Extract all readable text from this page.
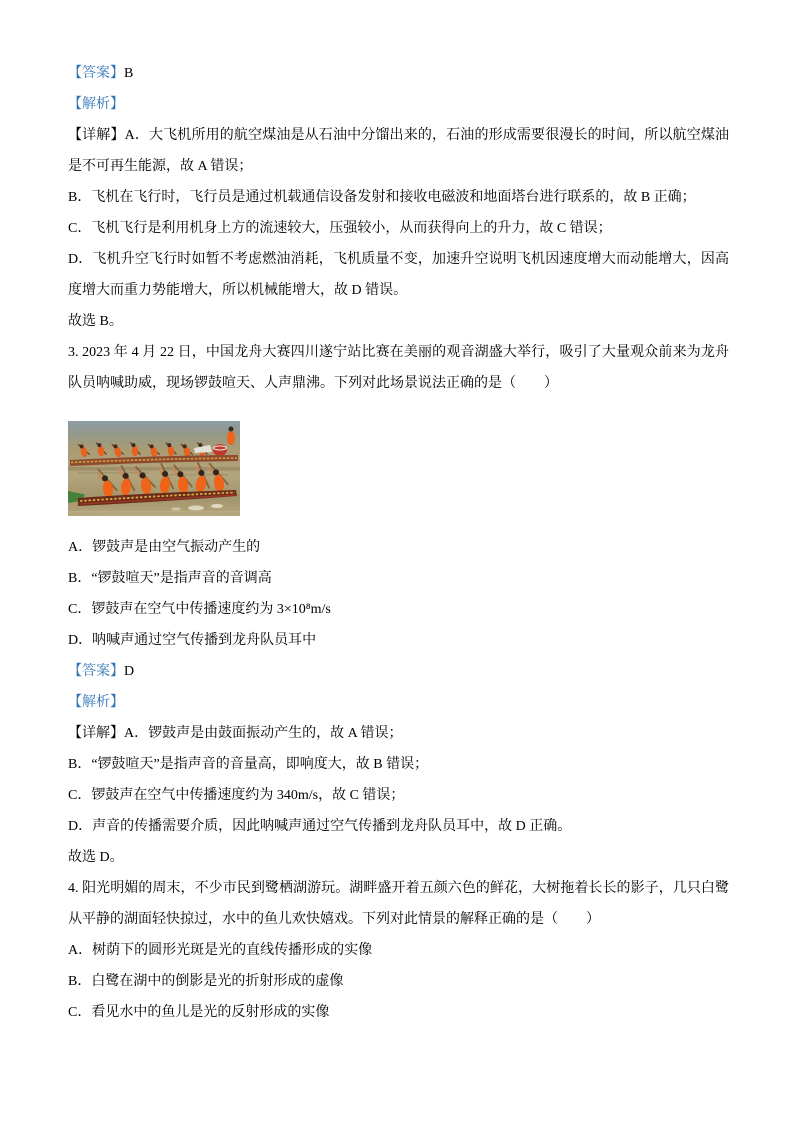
【答案】B

【解析】

【详解】A．大飞机所用的航空煤油是从石油中分馏出来的，石油的形成需要很漫长的时间，所以航空煤油是不可再生能源，故 A 错误；

B．飞机在飞行时，飞行员是通过机载通信设备发射和接收电磁波和地面塔台进行联系的，故 B 正确；

C．飞机飞行是利用机身上方的流速较大，压强较小，从而获得向上的升力，故 C 错误；

D．飞机升空飞行时如暂不考虑燃油消耗，飞机质量不变，加速升空说明飞机因速度增大而动能增大，因高度增大而重力势能增大，所以机械能增大，故 D 错误。

故选 B。

3. 2023 年 4 月 22 日，中国龙舟大赛四川遂宁站比赛在美丽的观音湖盛大举行，吸引了大量观众前来为龙舟队员呐喊助威，现场锣鼓喧天、人声鼎沸。下列对此场景说法正确的是（　　）

A．锣鼓声是由空气振动产生的

B．“锣鼓喧天”是指声音的音调高

C．锣鼓声在空气中传播速度约为 3×10⁸m/s

D．呐喊声通过空气传播到龙舟队员耳中

【答案】D

【解析】

【详解】A．锣鼓声是由鼓面振动产生的，故 A 错误；

B．“锣鼓喧天”是指声音的音量高，即响度大，故 B 错误；

C．锣鼓声在空气中传播速度约为 340m/s，故 C 错误；

D．声音的传播需要介质，因此呐喊声通过空气传播到龙舟队员耳中，故 D 正确。

故选 D。

4. 阳光明媚的周末，不少市民到鹭栖湖游玩。湖畔盛开着五颜六色的鲜花，大树拖着长长的影子，几只白鹭从平静的湖面轻快掠过，水中的鱼儿欢快嬉戏。下列对此情景的解释正确的是（　　）

A．树荫下的圆形光斑是光的直线传播形成的实像

B．白鹭在湖中的倒影是光的折射形成的虚像

C．看见水中的鱼儿是光的反射形成的实像
